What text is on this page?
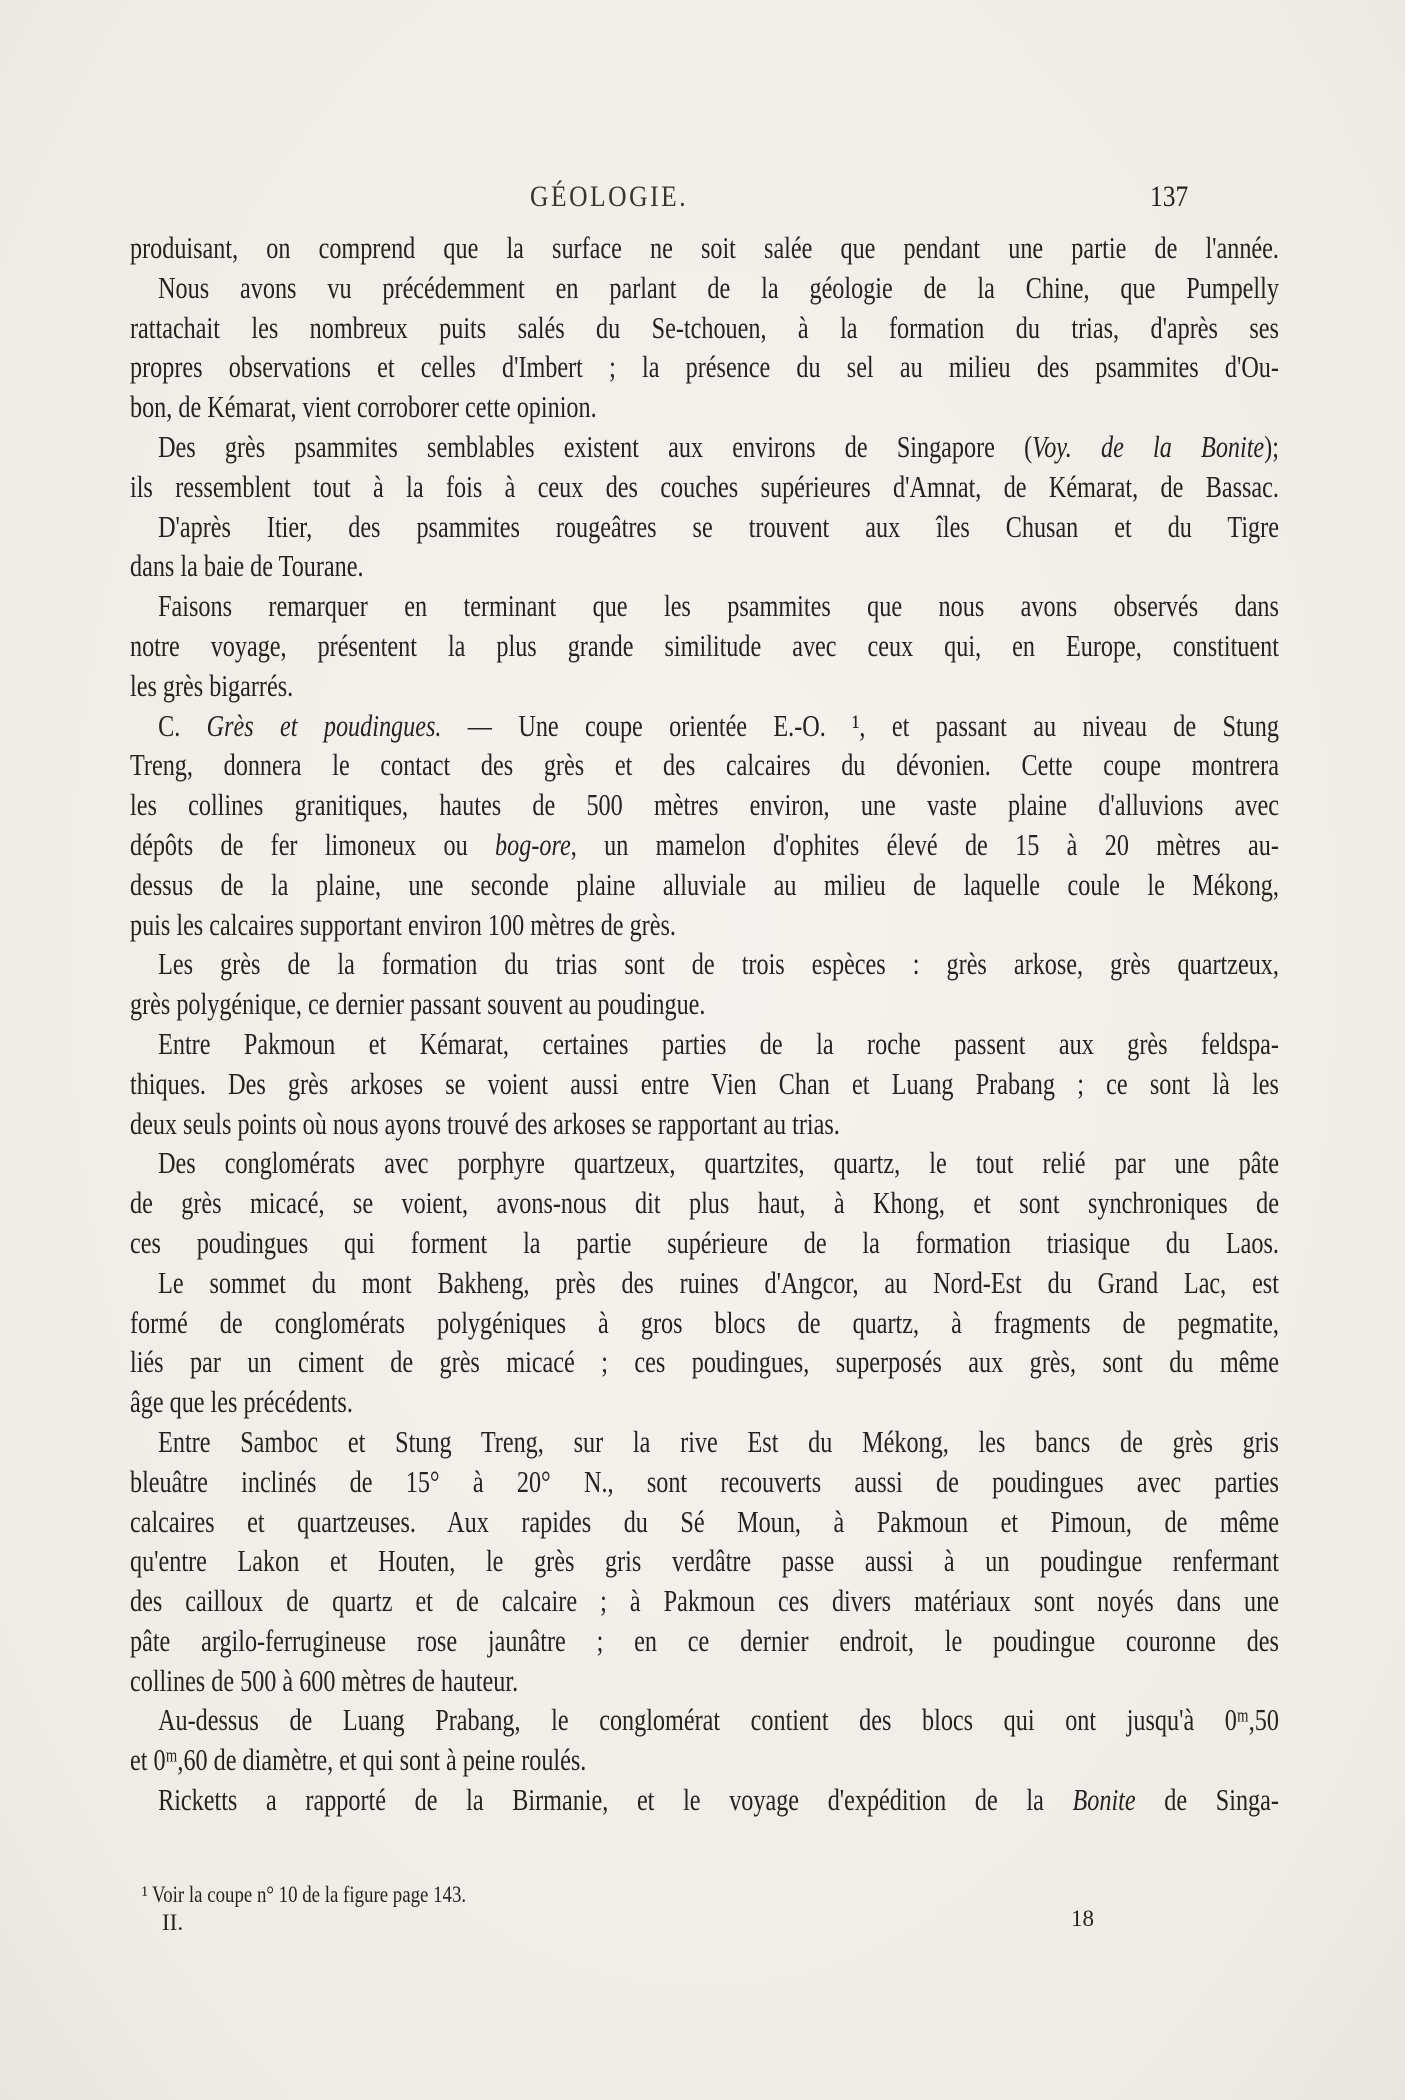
GÉOLOGIE.	137
produisant, on comprend que la surface ne soit salée que pendant une partie de l'année.
Nous avons vu précédemment en parlant de la géologie de la Chine, que Pumpelly
rattachait les nombreux puits salés du Se-tchouen, à la formation du trias, d'après ses
propres observations et celles d'Imbert ; la présence du sel au milieu des psammites d'Ou-
bon, de Kémarat, vient corroborer cette opinion.
Des grès psammites semblables existent aux environs de Singapore (Voy. de la Bonite);
ils ressemblent tout à la fois à ceux des couches supérieures d'Amnat, de Kémarat, de Bassac.
D'après Itier, des psammites rougeâtres se trouvent aux îles Chusan et du Tigre
dans la baie de Tourane.
Faisons remarquer en terminant que les psammites que nous avons observés dans
notre voyage, présentent la plus grande similitude avec ceux qui, en Europe, constituent
les grès bigarrés.
C. Grès et poudingues. — Une coupe orientée E.-O. ¹, et passant au niveau de Stung
Treng, donnera le contact des grès et des calcaires du dévonien. Cette coupe montrera
les collines granitiques, hautes de 500 mètres environ, une vaste plaine d'alluvions avec
dépôts de fer limoneux ou bog-ore, un mamelon d'ophites élevé de 15 à 20 mètres au-
dessus de la plaine, une seconde plaine alluviale au milieu de laquelle coule le Mékong,
puis les calcaires supportant environ 100 mètres de grès.
Les grès de la formation du trias sont de trois espèces : grès arkose, grès quartzeux,
grès polygénique, ce dernier passant souvent au poudingue.
Entre Pakmoun et Kémarat, certaines parties de la roche passent aux grès feldspa-
thiques. Des grès arkoses se voient aussi entre Vien Chan et Luang Prabang ; ce sont là les
deux seuls points où nous ayons trouvé des arkoses se rapportant au trias.
Des conglomérats avec porphyre quartzeux, quartzites, quartz, le tout relié par une pâte
de grès micacé, se voient, avons-nous dit plus haut, à Khong, et sont synchroniques de
ces poudingues qui forment la partie supérieure de la formation triasique du Laos.
Le sommet du mont Bakheng, près des ruines d'Angcor, au Nord-Est du Grand Lac, est
formé de conglomérats polygéniques à gros blocs de quartz, à fragments de pegmatite,
liés par un ciment de grès micacé ; ces poudingues, superposés aux grès, sont du même
âge que les précédents.
Entre Samboc et Stung Treng, sur la rive Est du Mékong, les bancs de grès gris
bleuâtre inclinés de 15° à 20° N., sont recouverts aussi de poudingues avec parties
calcaires et quartzeuses. Aux rapides du Sé Moun, à Pakmoun et Pimoun, de même
qu'entre Lakon et Houten, le grès gris verdâtre passe aussi à un poudingue renfermant
des cailloux de quartz et de calcaire ; à Pakmoun ces divers matériaux sont noyés dans une
pâte argilo-ferrugineuse rose jaunâtre ; en ce dernier endroit, le poudingue couronne des
collines de 500 à 600 mètres de hauteur.
Au-dessus de Luang Prabang, le conglomérat contient des blocs qui ont jusqu'à 0ᵐ,50
et 0ᵐ,60 de diamètre, et qui sont à peine roulés.
Ricketts a rapporté de la Birmanie, et le voyage d'expédition de la Bonite de Singa-
¹ Voir la coupe n° 10 de la figure page 143.
II.	18
